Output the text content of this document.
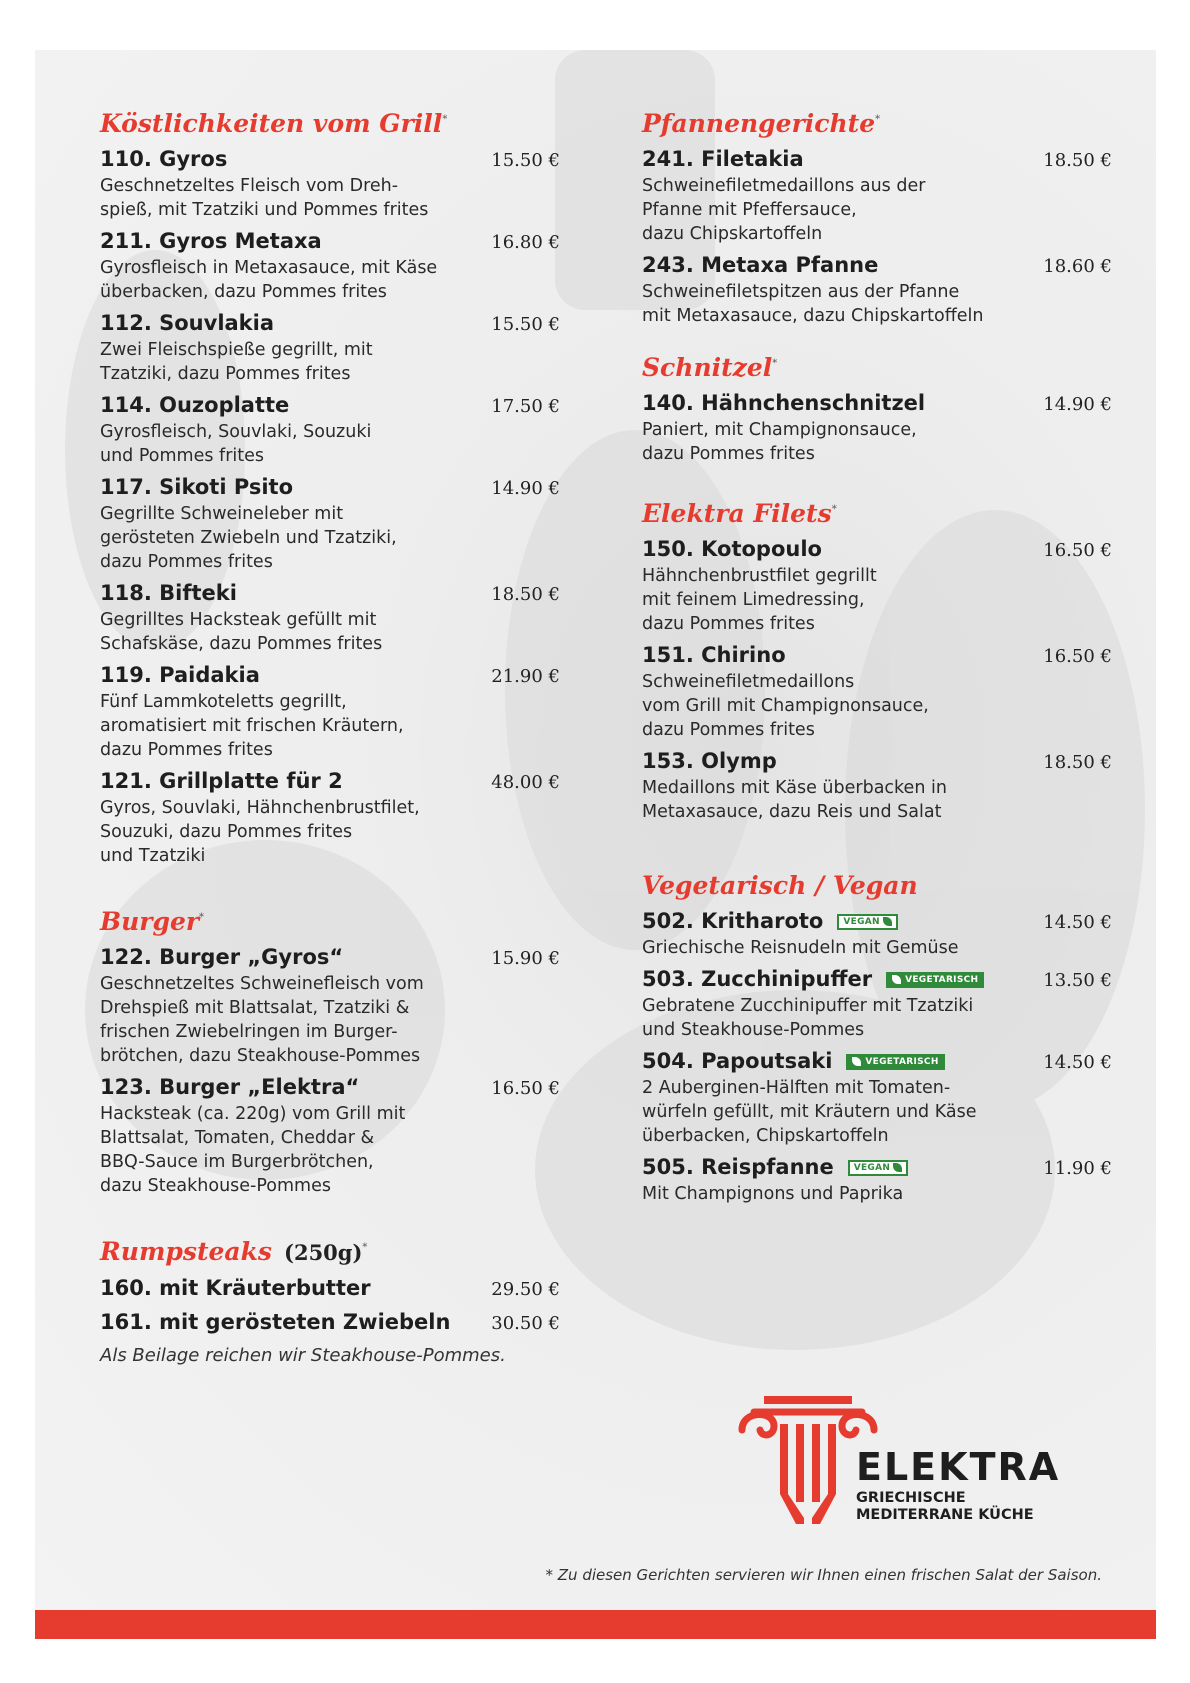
Köstlichkeiten vom Grill*
110. Gyros	15.50 €
Geschnetzeltes Fleisch vom Dreh-
spieß, mit Tzatziki und Pommes frites
211. Gyros Metaxa	16.80 €
Gyrosfleisch in Metaxasauce, mit Käse
überbacken, dazu Pommes frites
112. Souvlakia	15.50 €
Zwei Fleischspieße gegrillt, mit
Tzatziki, dazu Pommes frites
114. Ouzoplatte	17.50 €
Gyrosfleisch, Souvlaki, Souzuki
und Pommes frites
117. Sikoti Psito	14.90 €
Gegrillte Schweineleber mit
gerösteten Zwiebeln und Tzatziki,
dazu Pommes frites
118. Bifteki	18.50 €
Gegrilltes Hacksteak gefüllt mit
Schafskäse, dazu Pommes frites
119. Paidakia	21.90 €
Fünf Lammkoteletts gegrillt,
aromatisiert mit frischen Kräutern,
dazu Pommes frites
121. Grillplatte für 2	48.00 €
Gyros, Souvlaki, Hähnchenbrustfilet,
Souzuki, dazu Pommes frites
und Tzatziki
Burger*
122. Burger „Gyros“	15.90 €
Geschnetzeltes Schweinefleisch vom
Drehspieß mit Blattsalat, Tzatziki &
frischen Zwiebelringen im Burger-
brötchen, dazu Steakhouse-Pommes
123. Burger „Elektra“	16.50 €
Hacksteak (ca. 220g) vom Grill mit
Blattsalat, Tomaten, Cheddar &
BBQ-Sauce im Burgerbrötchen,
dazu Steakhouse-Pommes
Rumpsteaks (250g)*
160. mit Kräuterbutter	29.50 €
161. mit gerösteten Zwiebeln 30.50 €
Als Beilage reichen wir Steakhouse-Pommes.
Pfannengerichte*
241. Filetakia	18.50 €
Schweinefiletmedaillons aus der
Pfanne mit Pfeffersauce,
dazu Chipskartoffeln
243. Metaxa Pfanne	18.60 €
Schweinefiletspitzen aus der Pfanne
mit Metaxasauce, dazu Chipskartoffeln
Schnitzel*
140. Hähnchenschnitzel	14.90 €
Paniert, mit Champignonsauce,
dazu Pommes frites
Elektra Filets*
150. Kotopoulo	16.50 €
Hähnchenbrustfilet gegrillt
mit feinem Limedressing,
dazu Pommes frites
151. Chirino	16.50 €
Schweinefiletmedaillons
vom Grill mit Champignonsauce,
dazu Pommes frites
153. Olymp	18.50 €
Medaillons mit Käse überbacken in
Metaxasauce, dazu Reis und Salat
Vegetarisch / Vegan
502. Kritharoto VEGAN	14.50 €
Griechische Reisnudeln mit Gemüse
503. Zucchinipuffer	VEGETARISCH	13.50 €
Gebratene Zucchinipuffer mit Tzatziki
und Steakhouse-Pommes
504. Papoutsaki	VEGETARISCH	14.50 €
2 Auberginen-Hälften mit Tomaten-
würfeln gefüllt, mit Kräutern und Käse
überbacken, Chipskartoffeln
505. Reispfanne VEGAN	11.90 €
Mit Champignons und Paprika
ELEKTRA
GRIECHISCHE
MEDITERRANE KÜCHE
* Zu diesen Gerichten servieren wir Ihnen einen frischen Salat der Saison.
